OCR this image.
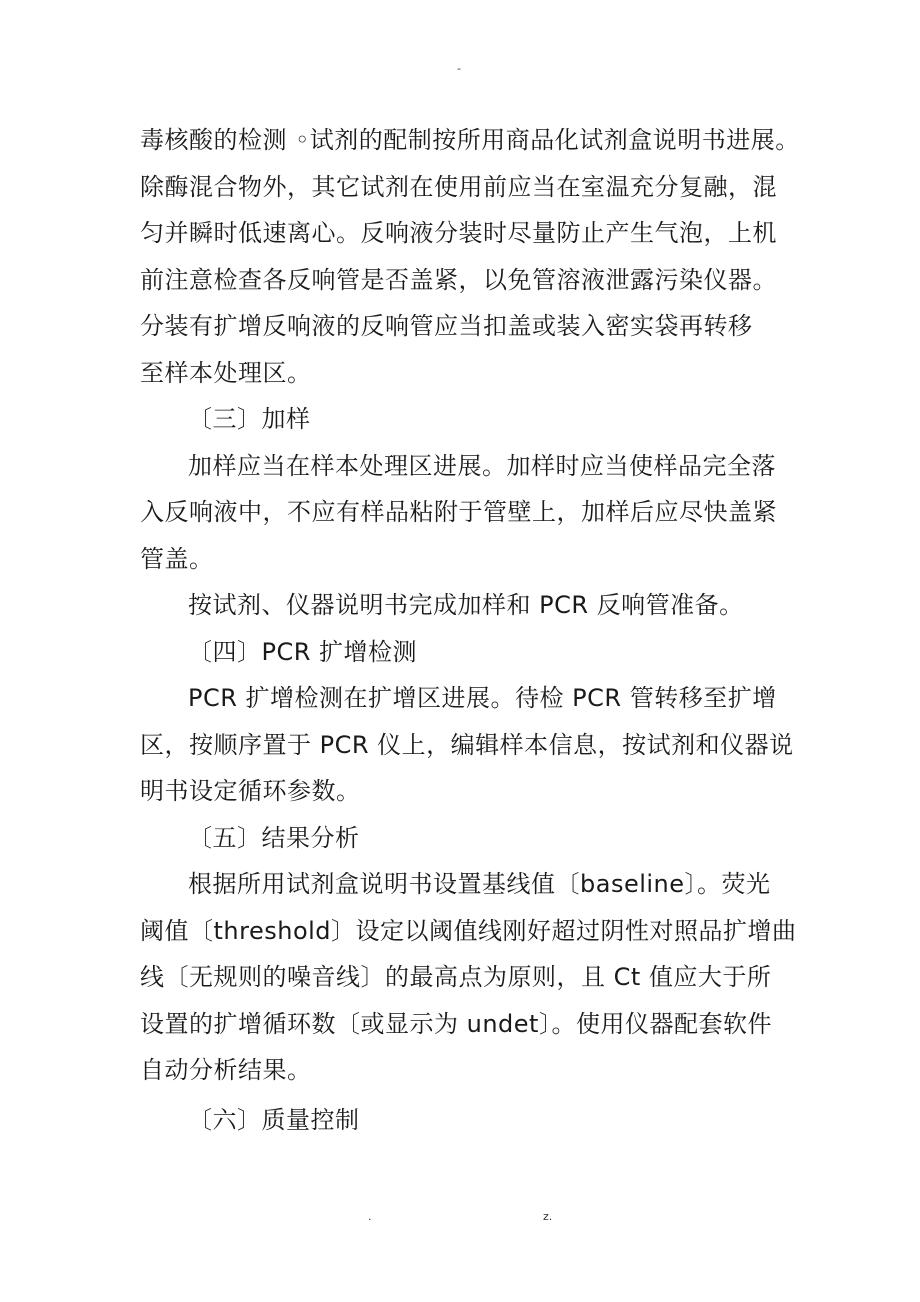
-
毒核酸的检测 ◦试剂的配制按所用商品化试剂盒说明书进展。
除酶混合物外，其它试剂在使用前应当在室温充分复融，混
匀并瞬时低速离心。反响液分装时尽量防止产生气泡，上机
前注意检查各反响管是否盖紧，以免管溶液泄露污染仪器。
分装有扩增反响液的反响管应当扣盖或装入密实袋再转移
至样本处理区。
〔三〕加样
加样应当在样本处理区进展。加样时应当使样品完全落
入反响液中，不应有样品粘附于管壁上，加样后应尽快盖紧
管盖。
按试剂、仪器说明书完成加样和 PCR 反响管准备。
〔四〕PCR 扩增检测
PCR 扩增检测在扩增区进展。待检 PCR 管转移至扩增
区，按顺序置于 PCR 仪上，编辑样本信息，按试剂和仪器说
明书设定循环参数。
〔五〕结果分析
根据所用试剂盒说明书设置基线值〔baseline〕。荧光
阈值〔threshold〕设定以阈值线刚好超过阴性对照品扩增曲
线〔无规则的噪音线〕的最高点为原则，且 Ct 值应大于所
设置的扩增循环数〔或显示为 undet〕。使用仪器配套软件
自动分析结果。
〔六〕质量控制
.	z.
